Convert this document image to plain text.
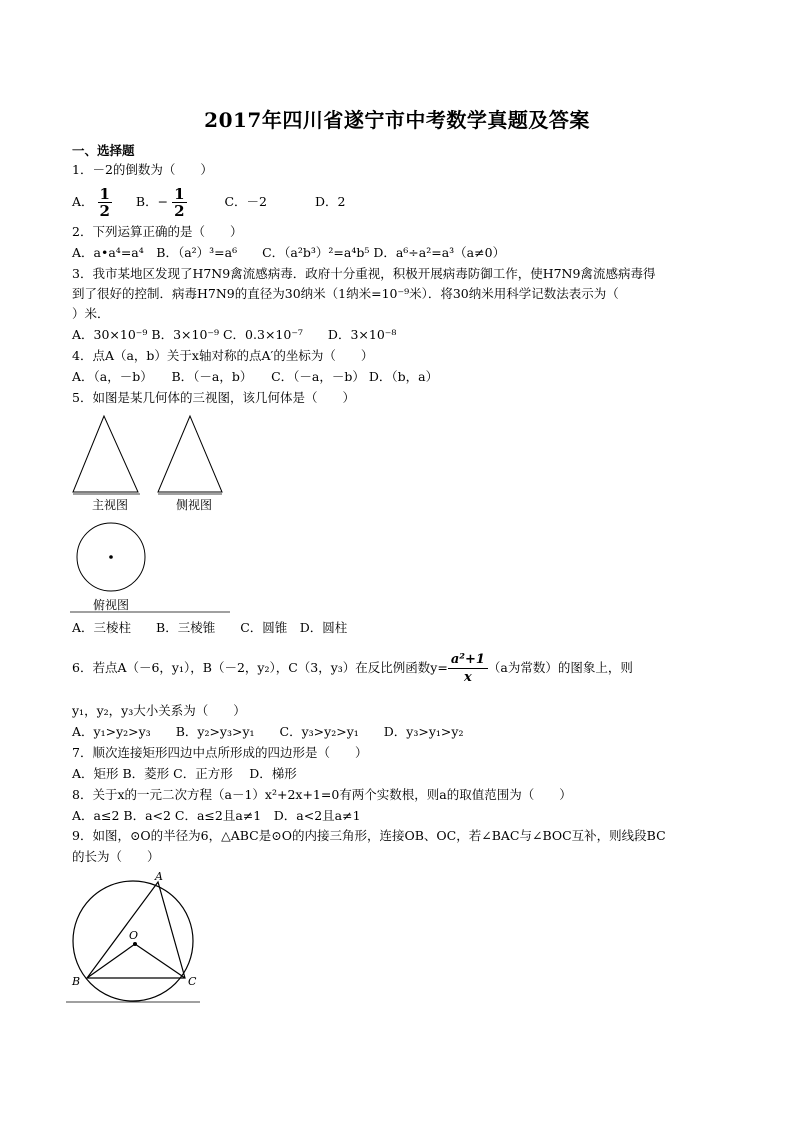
2017年四川省遂宁市中考数学真题及答案
一、选择题
1．－2的倒数为（　　）
A． $\frac{1}{2}$ B．− $\frac{1}{2}$	C．－2	D．2
2．下列运算正确的是（　　）
A．a•a⁴=a⁴　B．（a²）³=a⁶　　C．（a²b³）²=a⁴b⁵ D．a⁶÷a²=a³（a≠0）
3．我市某地区发现了H7N9禽流感病毒．政府十分重视，积极开展病毒防御工作，使H7N9禽流感病毒得
到了很好的控制．病毒H7N9的直径为30纳米（1纳米=10⁻⁹米）．将30纳米用科学记数法表示为（
）米．
A．30×10⁻⁹ B．3×10⁻⁹ C．0.3×10⁻⁷　　D．3×10⁻⁸
4．点A（a，b）关于x轴对称的点A′的坐标为（　　）
A．（a，－b）　　B．（－a，b）　　C．（－a，－b） D．（b，a）
5．如图是某几何体的三视图，该几何体是（　　）
主视图	侧视图
俯视图
A．三棱柱　　B．三棱锥　　C．圆锥　D．圆柱
6．若点A（－6，y₁），B（－2，y₂），C（3，y₃）在反比例函数$y= \frac{\text{a²+1}}{x} (a$为常数）的图象上，则
y₁，y₂，y₃大小关系为（　　）
A．y₁>y₂>y₃　　B．y₂>y₃>y₁　　C．y₃>y₂>y₁　　D．y₃>y₁>y₂
7．顺次连接矩形四边中点所形成的四边形是（　　）
A．矩形 B．菱形 C．正方形　 D．梯形
8．关于x的一元二次方程（a－1）x²+2x+1=0有两个实数根，则a的取值范围为（　　）
A．a≤2 B．a<2 C．a≤2且a≠1　D．a<2且a≠1
9．如图，⊙O的半径为6，△ABC是⊙O的内接三角形，连接OB、OC，若∠BAC与∠BOC互补，则线段BC
的长为（　　）
A
B	C
O
